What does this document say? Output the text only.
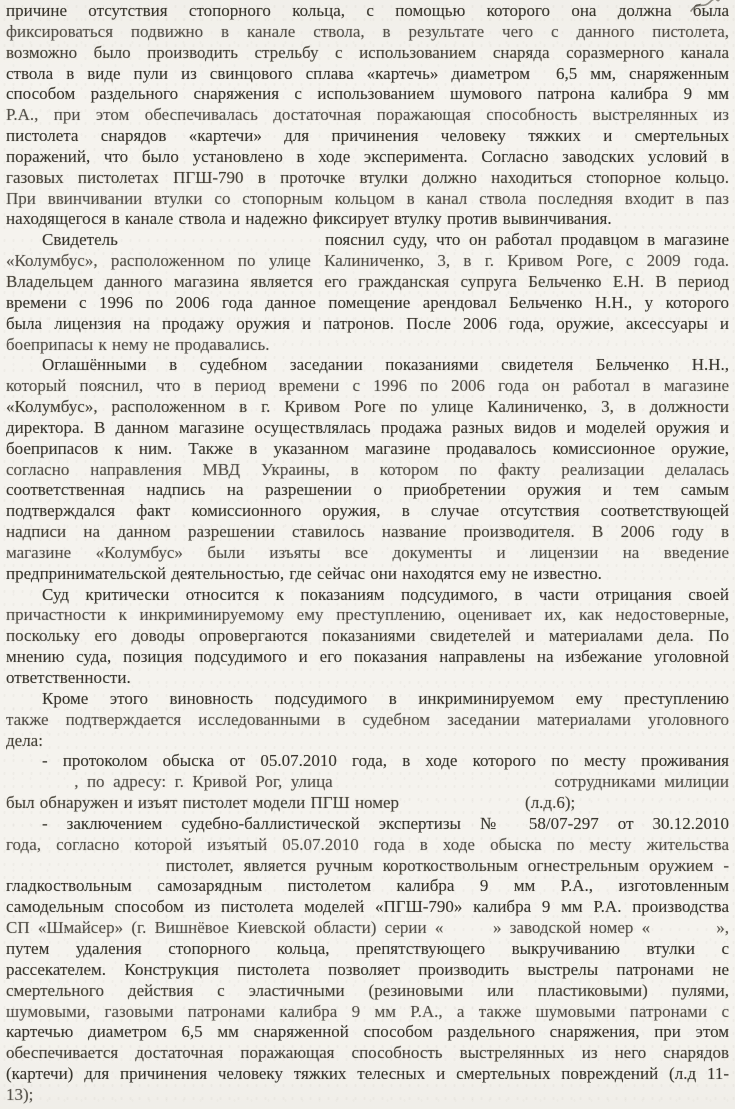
причине отсутствия стопорного кольца, с помощью которого она должна была
фиксироваться подвижно в канале ствола, в результате чего с данного пистолета,
возможно было производить стрельбу с использованием снаряда соразмерного канала
ствола в виде пули из свинцового сплава «картечь» диаметром  6,5 мм, снаряженным
способом раздельного снаряжения с использованием шумового патрона калибра 9 мм
Р.А., при этом обеспечивалась достаточная поражающая способность выстрелянных из
пистолета снарядов «картечи» для причинения человеку тяжких и смертельных
поражений, что было установлено в ходе эксперимента. Согласно заводских условий в
газовых пистолетах ПГШ-790 в проточке втулки должно находиться стопорное кольцо.
При ввинчивании втулки со стопорным кольцом в канал ствола последняя входит в паз
находящегося в канале ствола и надежно фиксирует втулку против вывинчивания.
Свидетель                        пояснил суду, что он работал продавцом в магазине
«Колумбус», расположенном по улице Калиниченко, 3, в г. Кривом Роге, с 2009 года.
Владельцем данного магазина является его гражданская супруга Бельченко Е.Н. В период
времени с 1996 по 2006 года данное помещение арендовал Бельченко Н.Н., у которого
была лицензия на продажу оружия и патронов. После 2006 года, оружие, аксессуары и
боеприпасы к нему не продавались.
Оглашёнными в судебном заседании показаниями свидетеля Бельченко Н.Н.,
который пояснил, что в период времени с 1996 по 2006 года он работал в магазине
«Колумбус», расположенном в г. Кривом Роге по улице Калиниченко, 3, в должности
директора. В данном магазине осуществлялась продажа разных видов и моделей оружия и
боеприпасов к ним. Также в указанном магазине продавалось комиссионное оружие,
согласно направления МВД Украины, в котором по факту реализации делалась
соответственная надпись на разрешении о приобретении оружия и тем самым
подтверждался факт комиссионного оружия, в случае отсутствия соответствующей
надписи на данном разрешении ставилось название производителя. В 2006 году в
магазине «Колумбус» были изъяты все документы и лицензии на введение
предпринимательской деятельностью, где сейчас они находятся ему не известно.
Суд критически относится к показаниям подсудимого, в части отрицания своей
причастности к инкриминируемому ему преступлению, оценивает их, как недостоверные,
поскольку его доводы опровергаются показаниями свидетелей и материалами дела. По
мнению суда, позиция подсудимого и его показания направлены на избежание уголовной
ответственности.
Кроме этого виновность подсудимого в инкриминируемом ему преступлению
также подтверждается исследованными в судебном заседании материалами уголовного
дела:
- протоколом обыска от 05.07.2010 года, в ходе которого по месту проживания
, по адресу: г. Кривой Рог, улица                          сотрудниками милиции
был обнаружен и изъят пистолет модели ПГШ номер                        (л.д.6);
- заключением судебно-баллистической экспертизы № 58/07-297 от 30.12.2010
года, согласно которой изъятый 05.07.2010 года в ходе обыска по месту жительства
пистолет, является ручным короткоствольным огнестрельным оружием -
гладкоствольным самозарядным пистолетом калибра 9 мм Р.А., изготовленным
самодельным способом из пистолета моделей «ПГШ-790» калибра 9 мм Р.А. производства
СП «Шмайсер» (г. Вишнёвое Киевской области) серии «      » заводской номер «        »,
путем удаления стопорного кольца, препятствующего выкручиванию втулки с
рассекателем. Конструкция пистолета позволяет производить выстрелы патронами не
смертельного действия с эластичными (резиновыми или пластиковыми) пулями,
шумовыми, газовыми патронами калибра 9 мм Р.А., а также шумовыми патронами с
картечью диаметром 6,5 мм снаряженной способом раздельного снаряжения, при этом
обеспечивается достаточная поражающая способность выстрелянных из него снарядов
(картечи) для причинения человеку тяжких телесных и смертельных повреждений (л.д 11-
13);
